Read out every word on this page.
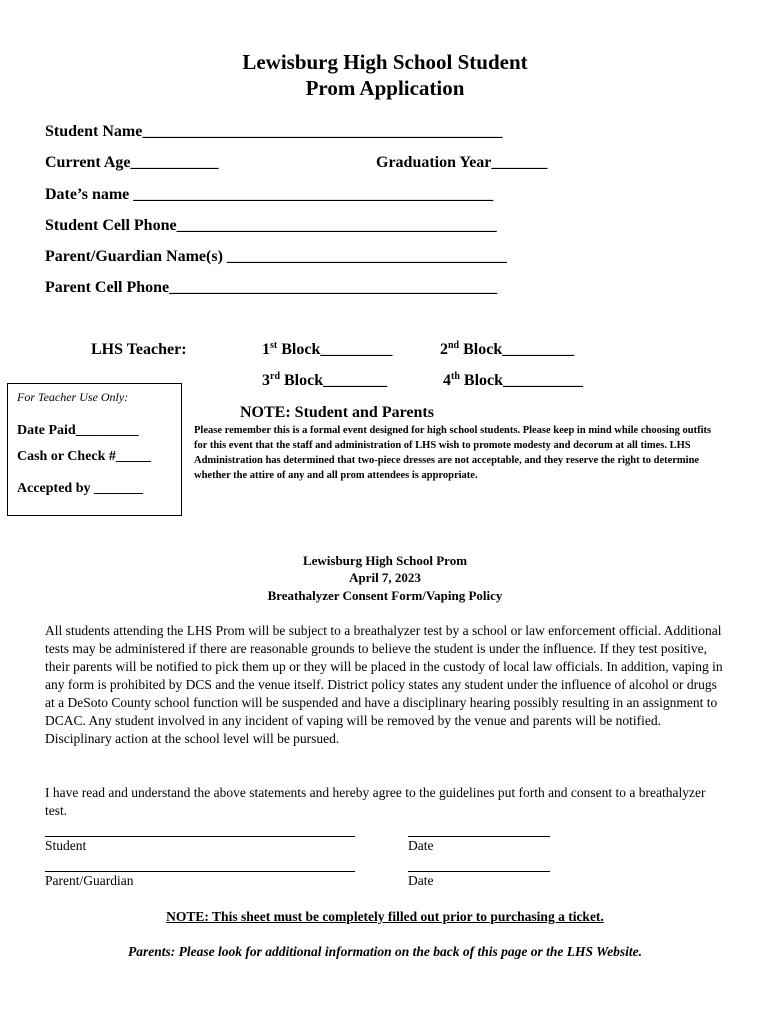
Lewisburg High School Student
Prom Application
Student Name_____________________________________________
Current Age___________	Graduation Year_______
Date’s name _____________________________________________
Student Cell Phone________________________________________
Parent/Guardian Name(s) ___________________________________
Parent Cell Phone_________________________________________
LHS Teacher:	1st Block_________	2nd Block_________
3rd Block________	4th Block__________
For Teacher Use Only:
Date Paid_________
Cash or Check #_____
Accepted by _______
NOTE: Student and Parents
Please remember this is a formal event designed for high school students. Please keep in mind while choosing outfits for this event that the staff and administration of LHS wish to promote modesty and decorum at all times. LHS Administration has determined that two-piece dresses are not acceptable, and they reserve the right to determine whether the attire of any and all prom attendees is appropriate.
Lewisburg High School Prom
April 7, 2023
Breathalyzer Consent Form/Vaping Policy
All students attending the LHS Prom will be subject to a breathalyzer test by a school or law enforcement official. Additional tests may be administered if there are reasonable grounds to believe the student is under the influence. If they test positive, their parents will be notified to pick them up or they will be placed in the custody of local law officials. In addition, vaping in any form is prohibited by DCS and the venue itself. District policy states any student under the influence of alcohol or drugs at a DeSoto County school function will be suspended and have a disciplinary hearing possibly resulting in an assignment to DCAC. Any student involved in any incident of vaping will be removed by the venue and parents will be notified. Disciplinary action at the school level will be pursued.
I have read and understand the above statements and hereby agree to the guidelines put forth and consent to a breathalyzer test.
Student	Date
Parent/Guardian	Date
NOTE: This sheet must be completely filled out prior to purchasing a ticket.
Parents: Please look for additional information on the back of this page or the LHS Website.
